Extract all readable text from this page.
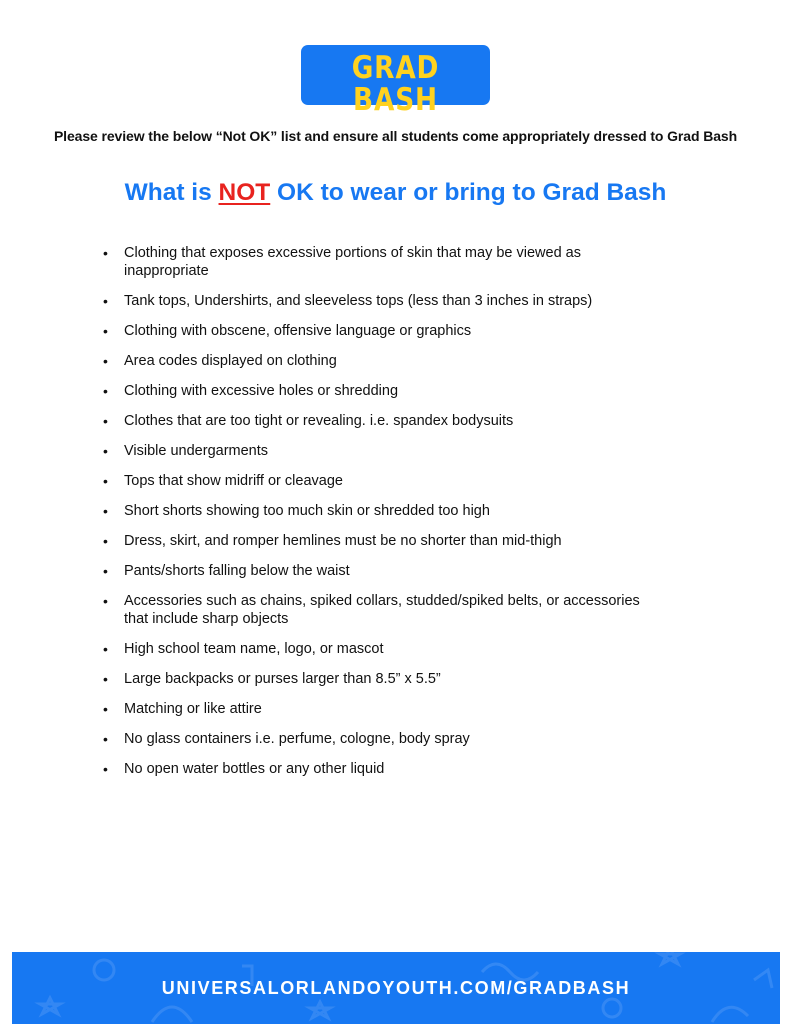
GRAD BASH
UNIVERSAL ORLANDO

Please review the below “Not OK” list and ensure all students come appropriately dressed to Grad Bash

What is NOT OK to wear or bring to Grad Bash
• Clothing that exposes excessive portions of skin that may be viewed as inappropriate
• Tank tops, Undershirts, and sleeveless tops (less than 3 inches in straps)
• Clothing with obscene, offensive language or graphics
• Area codes displayed on clothing
• Clothing with excessive holes or shredding
• Clothes that are too tight or revealing. i.e. spandex bodysuits
• Visible undergarments
• Tops that show midriff or cleavage
• Short shorts showing too much skin or shredded too high
• Dress, skirt, and romper hemlines must be no shorter than mid-thigh
• Pants/shorts falling below the waist
• Accessories such as chains, spiked collars, studded/spiked belts, or accessories that include sharp objects
• High school team name, logo, or mascot
• Large backpacks or purses larger than 8.5” x 5.5”
• Matching or like attire
• No glass containers i.e. perfume, cologne, body spray
• No open water bottles or any other liquid
UNIVERSALORLANDOYOUTH.COM/GRADBASH
